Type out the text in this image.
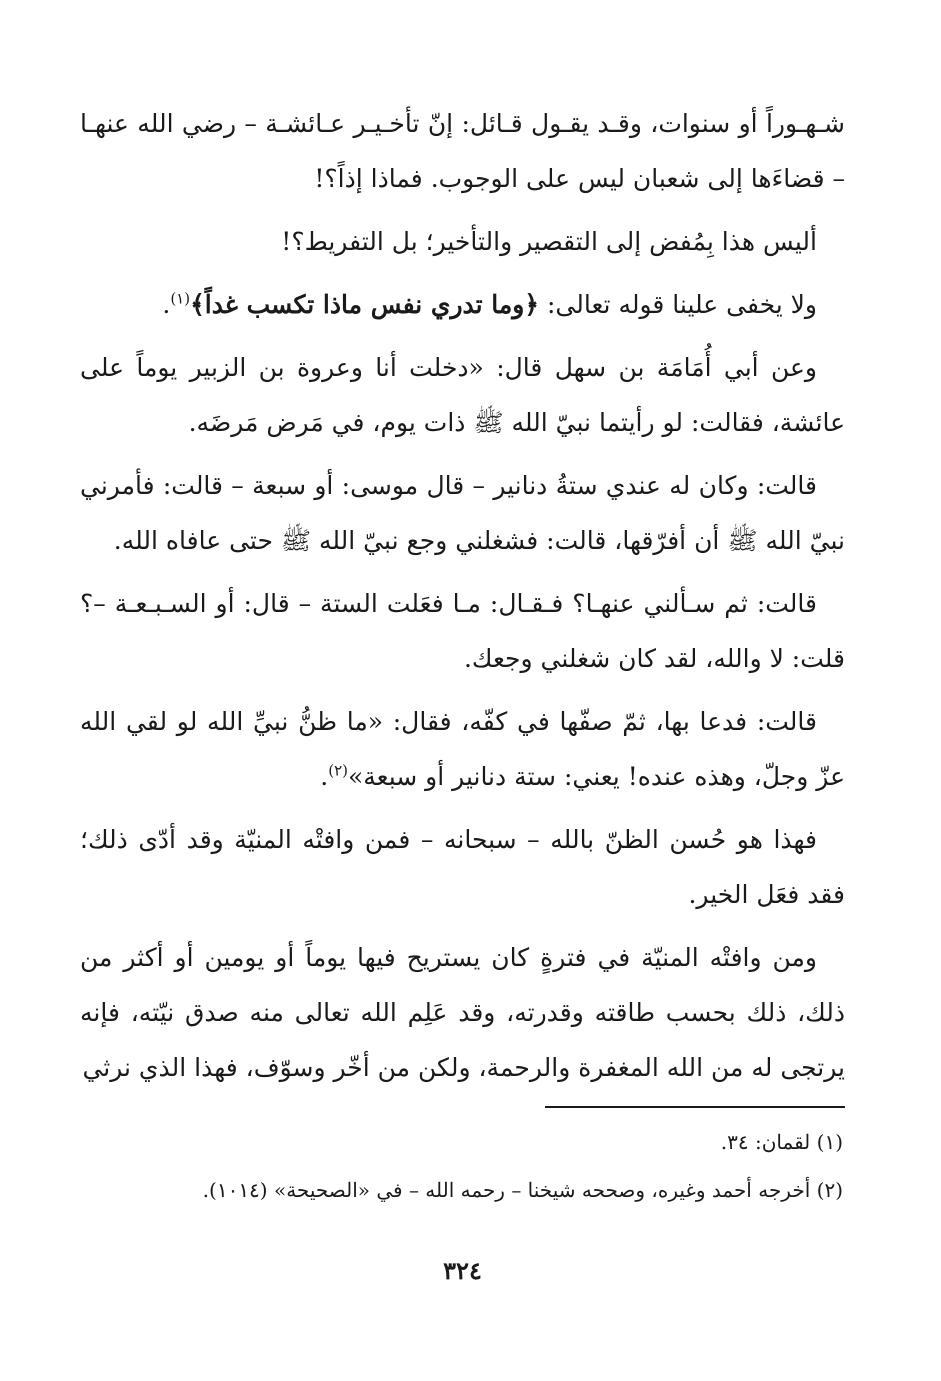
شـهـوراً أو سنوات، وقـد يقـول قـائل: إنّ تأخـيـر عـائشـة – رضي الله عنهـا – قضاءَها إلى شعبان ليس على الوجوب. فماذا إذاً؟!

أليس هذا بِمُفض إلى التقصير والتأخير؛ بل التفريط؟!

ولا يخفى علينا قوله تعالى: ﴿وما تدري نفس ماذا تكسب غداً﴾$^{(١)}$.

وعن أبي أُمَامَة بن سهل قال: «دخلت أنا وعروة بن الزبير يوماً على عائشة، فقالت: لو رأيتما نبيّ الله ﷺ ذات يوم، في مَرض مَرضَه.

قالت: وكان له عندي ستةُ دنانير – قال موسى: أو سبعة – قالت: فأمرني نبيّ الله ﷺ أن أفرّقها، قالت: فشغلني وجع نبيّ الله ﷺ حتى عافاه الله.

قالت: ثم سـألني عنهـا؟ فـقـال: مـا فعَلت الستة – قال: أو السـبـعـة –؟ قلت: لا والله، لقد كان شغلني وجعك.

قالت: فدعا بها، ثمّ صفّها في كفّه، فقال: «ما ظنُّ نبيِّ الله لو لقي الله عزّ وجلّ، وهذه عنده! يعني: ستة دنانير أو سبعة»$^{(٢)}$.

فهذا هو حُسن الظنّ بالله – سبحانه – فمن وافتْه المنيّة وقد أدّى ذلك؛ فقد فعَل الخير.

ومن وافتْه المنيّة في فترةٍ كان يستريح فيها يوماً أو يومين أو أكثر من ذلك، ذلك بحسب طاقته وقدرته، وقد عَلِم الله تعالى منه صدق نيّته، فإنه يرتجى له من الله المغفرة والرحمة، ولكن من أخّر وسوّف، فهذا الذي نرثي

(١) لقمان: ٣٤.

(٢) أخرجه أحمد وغيره، وصححه شيخنا – رحمه الله – في «الصحيحة» (١٠١٤).

٣٢٤
